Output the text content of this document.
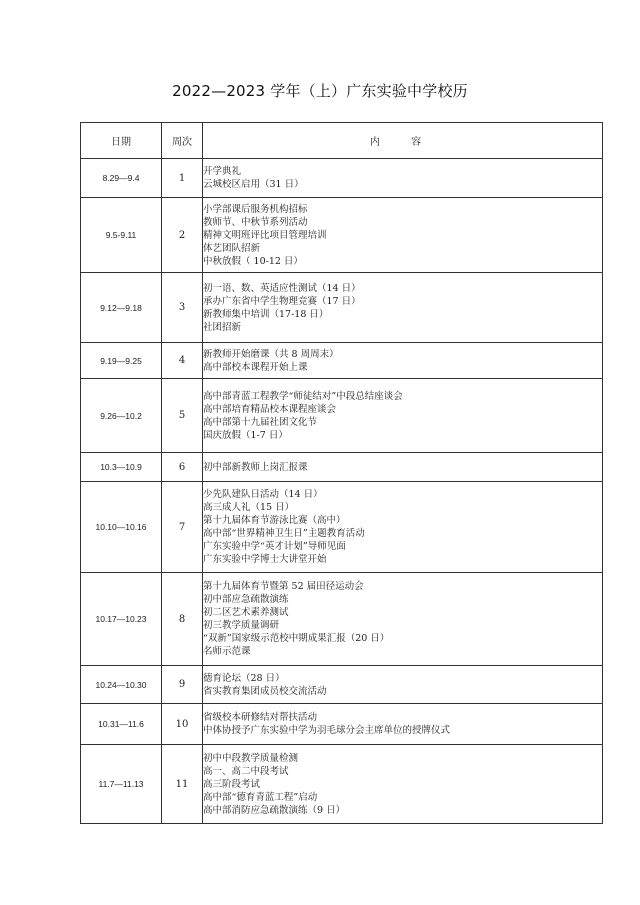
2022—2023 学年（上）广东实验中学校历
日期	周次	内 容
8.29—9.4	1	开学典礼
云城校区启用（31 日）

9.5-9.11	2	小学部课后服务机构招标
教师节、中秋节系列活动
精神文明班评比项目管理培训
体艺团队招新
中秋放假（ 10-12 日）

9.12—9.18	3	初一语、数、英适应性测试（14 日）
承办广东省中学生物理竞赛（17 日）
新教师集中培训（17-18 日）
社团招新

9.19—9.25	4	新教师开始磨课（共 8 周周末）
高中部校本课程开始上课

9.26—10.2	5	高中部青蓝工程教学“师徒结对”中段总结座谈会
高中部培育精品校本课程座谈会
高中部第十九届社团文化节
国庆放假（1-7 日）

10.3—10.9	6	初中部新教师上岗汇报课

10.10—10.16	7	
少先队建队日活动（14 日）
高三成人礼（15 日）
第十九届体育节游泳比赛（高中）
高中部“世界精神卫生日”主题教育活动
广东实验中学“英才计划”导师见面
广东实验中学博士大讲堂开始

10.17—10.23	8	
第十九届体育节暨第 52 届田径运动会
初中部应急疏散演练
初二区艺术素养测试
初三教学质量调研
“双新”国家级示范校中期成果汇报（20 日）
名师示范课

10.24—10.30	9	德育论坛（28 日）
省实教育集团成员校交流活动

10.31—11.6	10	省级校本研修结对帮扶活动
中体协授予广东实验中学为羽毛球分会主席单位的授牌仪式

11.7—11.13	11	初中中段教学质量检测
高一、高二中段考试
高三阶段考试
高中部“德育青蓝工程”启动
高中部消防应急疏散演练（9 日）
